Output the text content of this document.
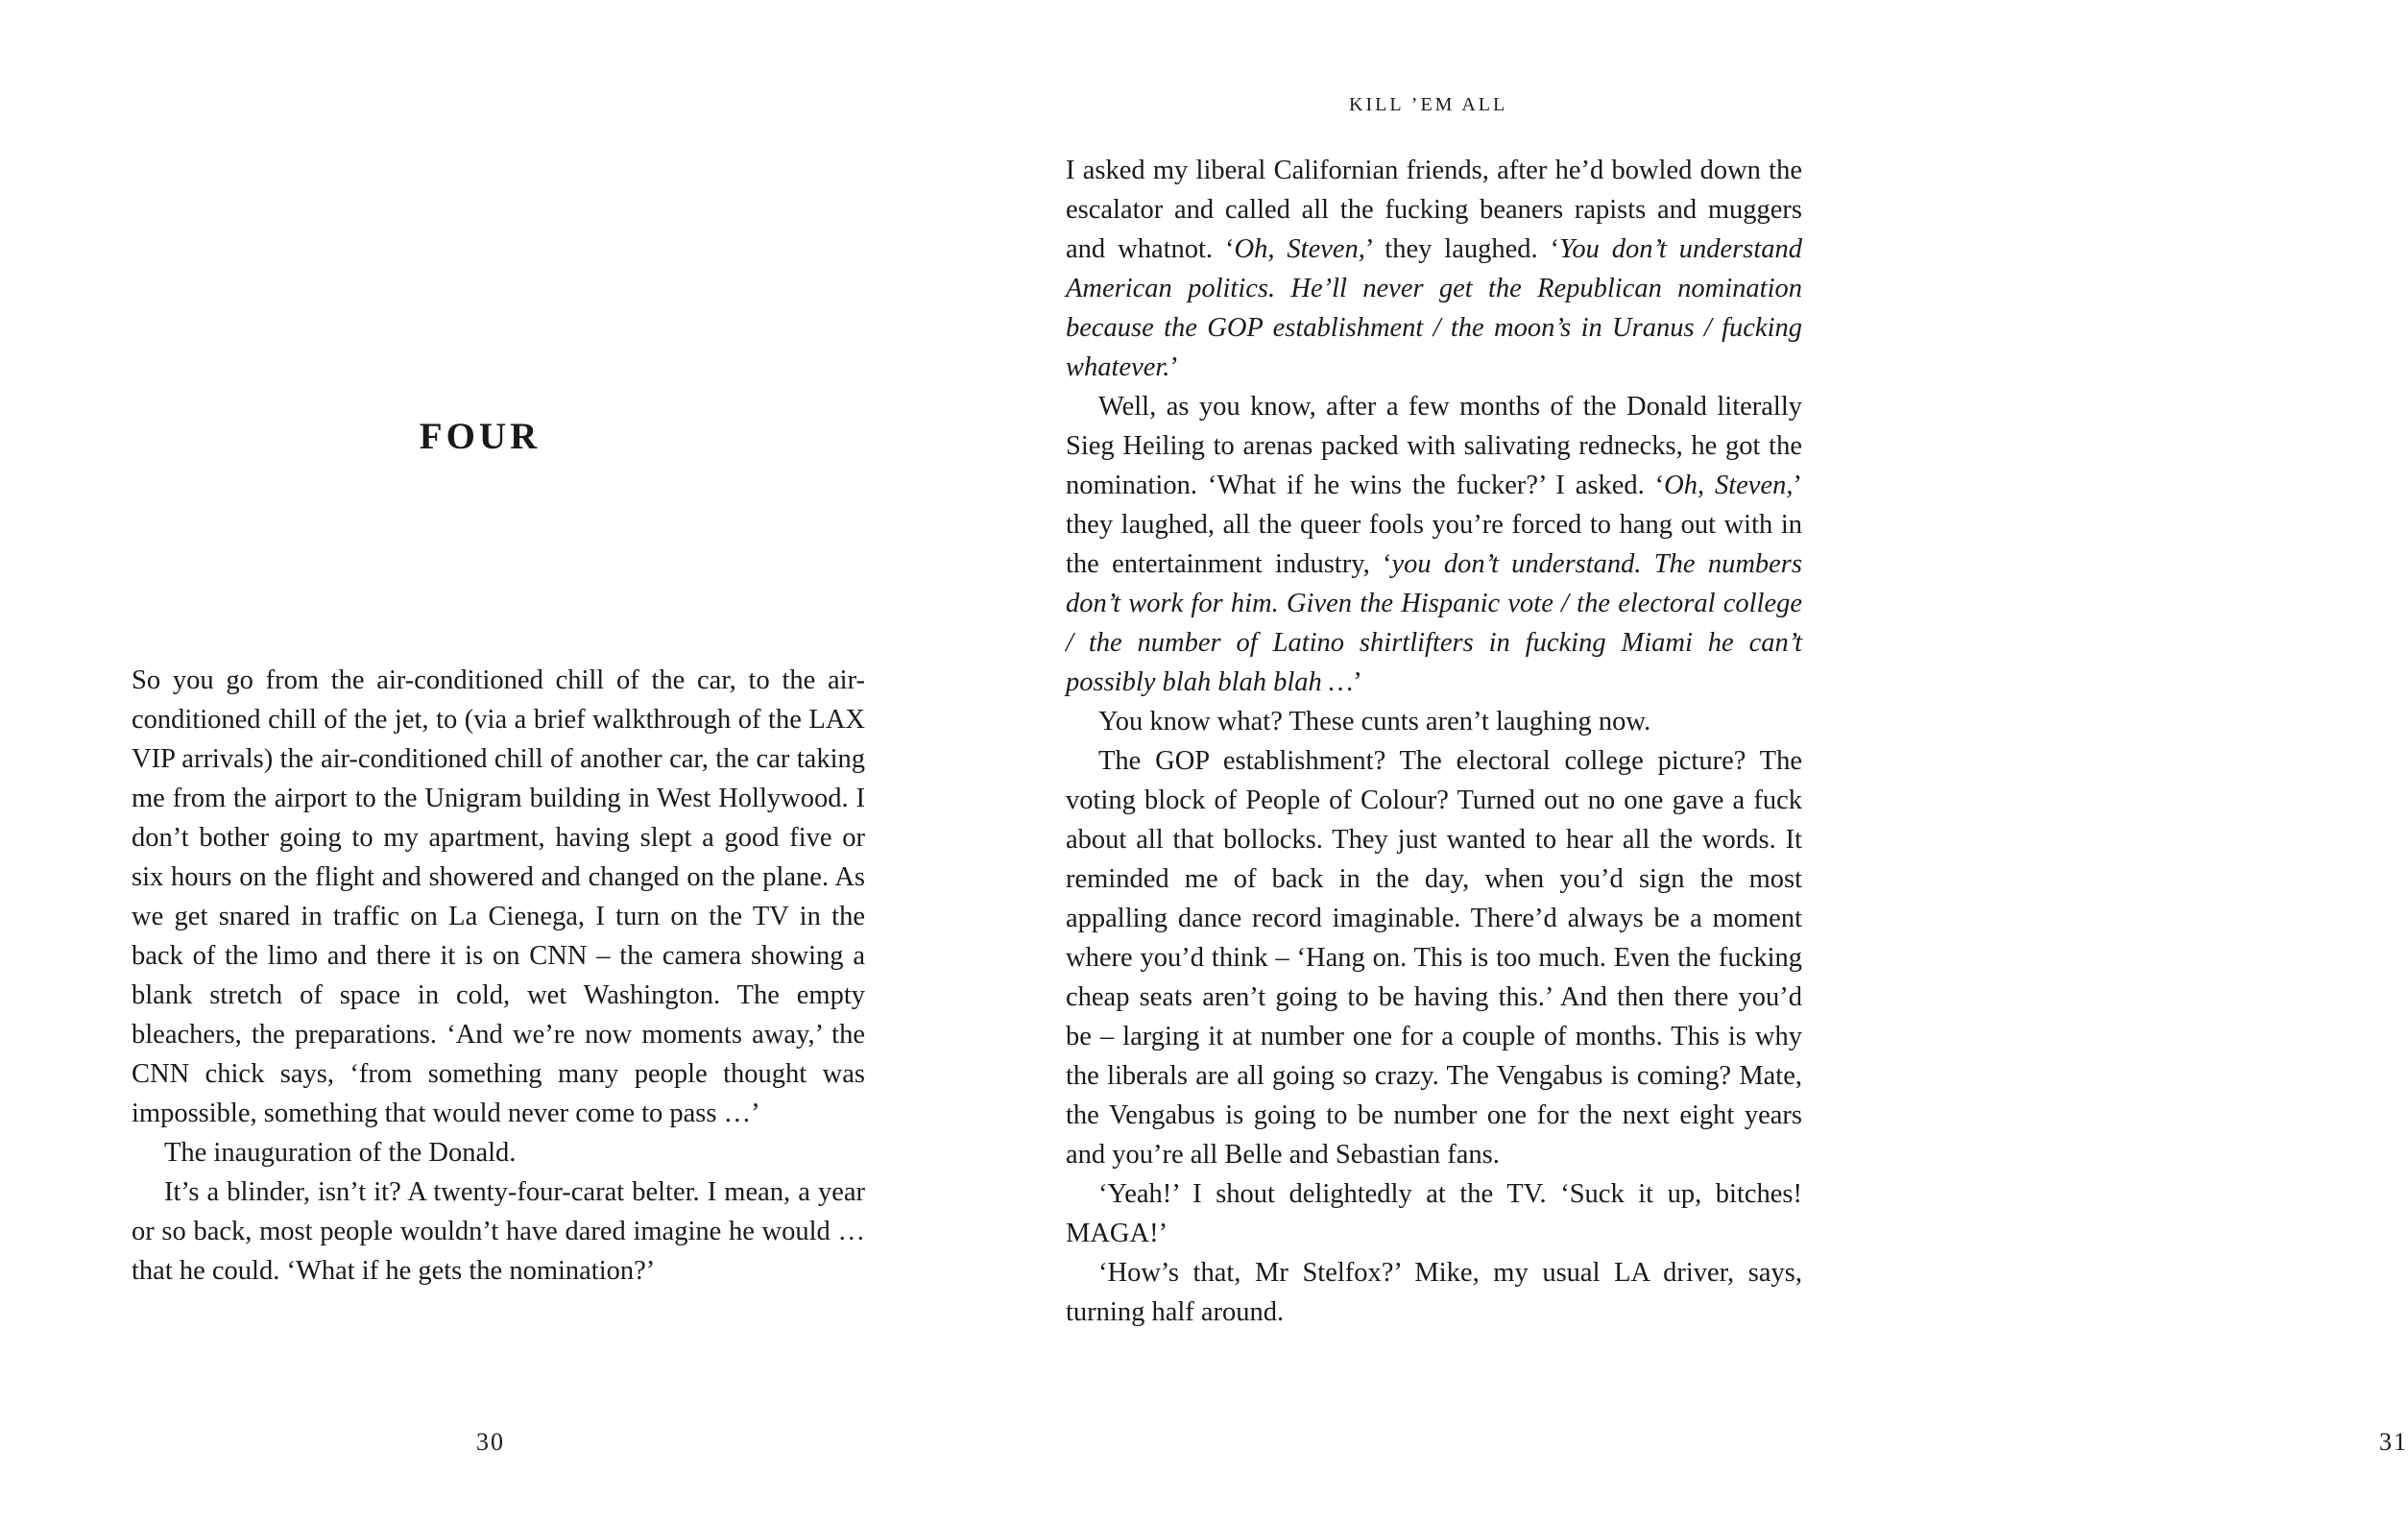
FOUR

So you go from the air-conditioned chill of the car, to the air-conditioned chill of the jet, to (via a brief walkthrough of the LAX VIP arrivals) the air-conditioned chill of another car, the car taking me from the airport to the Unigram building in West Hollywood. I don’t bother going to my apartment, having slept a good five or six hours on the flight and showered and changed on the plane. As we get snared in traffic on La Cienega, I turn on the TV in the back of the limo and there it is on CNN – the camera showing a blank stretch of space in cold, wet Washington. The empty bleachers, the preparations. ‘And we’re now moments away,’ the CNN chick says, ‘from something many people thought was impossible, something that would never come to pass …’

The inauguration of the Donald.

It’s a blinder, isn’t it? A twenty-four-carat belter. I mean, a year or so back, most people wouldn’t have dared imagine he would … that he could. ‘What if he gets the nomination?’

30	31
KILL ’EM ALL

I asked my liberal Californian friends, after he’d bowled down the escalator and called all the fucking beaners rapists and muggers and whatnot. ‘Oh, Steven,’ they laughed. ‘You don’t understand American politics. He’ll never get the Republican nomination because the GOP establishment / the moon’s in Uranus / fucking whatever.’

Well, as you know, after a few months of the Donald literally Sieg Heiling to arenas packed with salivating rednecks, he got the nomination. ‘What if he wins the fucker?’ I asked. ‘Oh, Steven,’ they laughed, all the queer fools you’re forced to hang out with in the entertainment industry, ‘you don’t understand. The numbers don’t work for him. Given the Hispanic vote / the electoral college / the number of Latino shirtlifters in fucking Miami he can’t possibly blah blah blah …’

You know what? These cunts aren’t laughing now.

The GOP establishment? The electoral college picture? The voting block of People of Colour? Turned out no one gave a fuck about all that bollocks. They just wanted to hear all the words. It reminded me of back in the day, when you’d sign the most appalling dance record imaginable. There’d always be a moment where you’d think – ‘Hang on. This is too much. Even the fucking cheap seats aren’t going to be having this.’ And then there you’d be – larging it at number one for a couple of months. This is why the liberals are all going so crazy. The Vengabus is coming? Mate, the Vengabus is going to be number one for the next eight years and you’re all Belle and Sebastian fans.

‘Yeah!’ I shout delightedly at the TV. ‘Suck it up, bitches! MAGA!’

‘How’s that, Mr Stelfox?’ Mike, my usual LA driver, says, turning half around.
